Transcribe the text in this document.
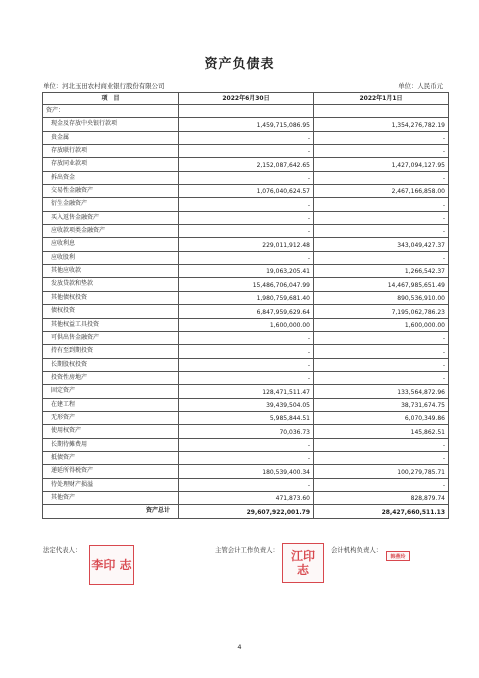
资产负债表
单位：河北玉田农村商业银行股份有限公司	单位：人民币元
项　目	2022年6月30日	2022年1月1日
资产：		
现金及存放中央银行款项	1,459,715,086.95	1,354,276,782.19
贵金属	-	-
存放联行款项	-	-
存放同业款项	2,152,087,642.65	1,427,094,127.95
拆出资金	-	-
交易性金融资产	1,076,040,624.57	2,467,166,858.00
衍生金融资产	-	-
买入返售金融资产	-	-
应收款项类金融资产	-	-
应收利息	229,011,912.48	343,049,427.37
应收股利	-	-
其他应收款	19,063,205.41	1,266,542.37
发放贷款和垫款	15,486,706,047.99	14,467,985,651.49
其他债权投资	1,980,759,681.40	890,536,910.00
债权投资	6,847,959,629.64	7,195,062,786.23
其他权益工具投资	1,600,000.00	1,600,000.00
可供出售金融资产	-	-
持有至到期投资	-	-
长期股权投资	-	-
投资性房地产	-	-
固定资产	128,471,511.47	133,564,872.96
在建工程	39,439,504.05	38,731,674.75
无形资产	5,985,844.51	6,070,349.86
使用权资产	70,036.73	145,862.51
长期待摊费用	-	-
抵债资产	-	-
递延所得税资产	180,539,400.34	100,279,785.71
待处理财产损溢	-	-
其他资产	471,873.60	828,879.74
资产总计	29,607,922,001.79	28,427,660,511.13
法定代表人：	主管会计工作负责人：	会计机构负责人：
李印 志
江印 志
韩燕玲
4
